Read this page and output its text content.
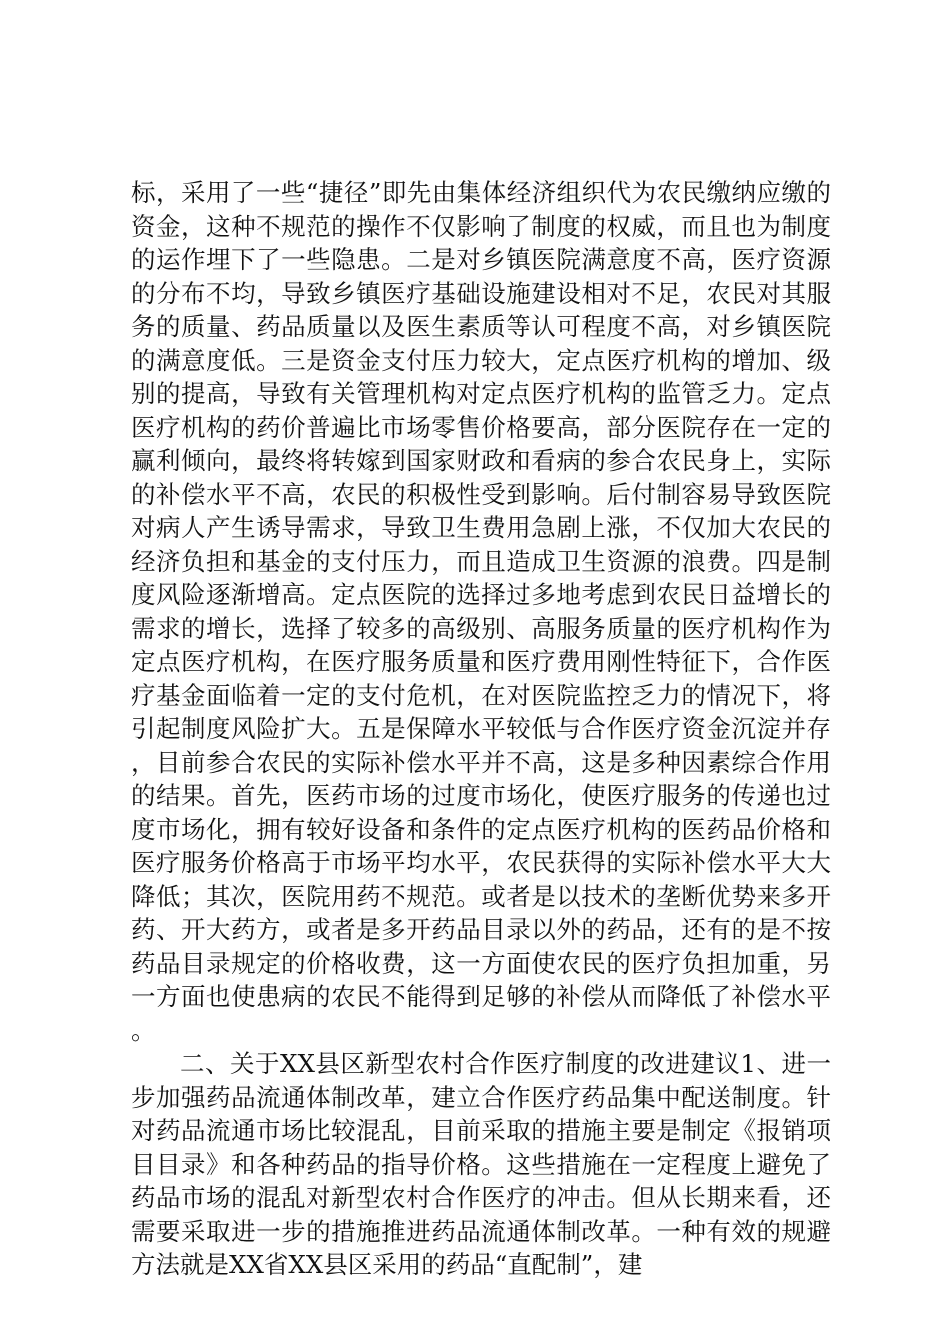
标，采用了一些“捷径”即先由集体经济组织代为农民缴纳应缴的资金，这种不规范的操作不仅影响了制度的权威，而且也为制度的运作埋下了一些隐患。二是对乡镇医院满意度不高，医疗资源的分布不均，导致乡镇医疗基础设施建设相对不足，农民对其服务的质量、药品质量以及医生素质等认可程度不高，对乡镇医院的满意度低。三是资金支付压力较大，定点医疗机构的增加、级别的提高，导致有关管理机构对定点医疗机构的监管乏力。定点医疗机构的药价普遍比市场零售价格要高，部分医院存在一定的赢利倾向，最终将转嫁到国家财政和看病的参合农民身上，实际的补偿水平不高，农民的积极性受到影响。后付制容易导致医院对病人产生诱导需求，导致卫生费用急剧上涨，不仅加大农民的经济负担和基金的支付压力，而且造成卫生资源的浪费。四是制度风险逐渐增高。定点医院的选择过多地考虑到农民日益增长的需求的增长，选择了较多的高级别、高服务质量的医疗机构作为定点医疗机构，在医疗服务质量和医疗费用刚性特征下，合作医疗基金面临着一定的支付危机，在对医院监控乏力的情况下，将引起制度风险扩大。五是保障水平较低与合作医疗资金沉淀并存，目前参合农民的实际补偿水平并不高，这是多种因素综合作用的结果。首先，医药市场的过度市场化，使医疗服务的传递也过度市场化，拥有较好设备和条件的定点医疗机构的医药品价格和医疗服务价格高于市场平均水平，农民获得的实际补偿水平大大降低；其次，医院用药不规范。或者是以技术的垄断优势来多开药、开大药方，或者是多开药品目录以外的药品，还有的是不按药品目录规定的价格收费，这一方面使农民的医疗负担加重，另一方面也使患病的农民不能得到足够的补偿从而降低了补偿水平。

二、关于XX县区新型农村合作医疗制度的改进建议1、进一步加强药品流通体制改革，建立合作医疗药品集中配送制度。针对药品流通市场比较混乱，目前采取的措施主要是制定《报销项目目录》和各种药品的指导价格。这些措施在一定程度上避免了药品市场的混乱对新型农村合作医疗的冲击。但从长期来看，还需要采取进一步的措施推进药品流通体制改革。一种有效的规避方法就是XX省XX县区采用的药品“直配制”，建
